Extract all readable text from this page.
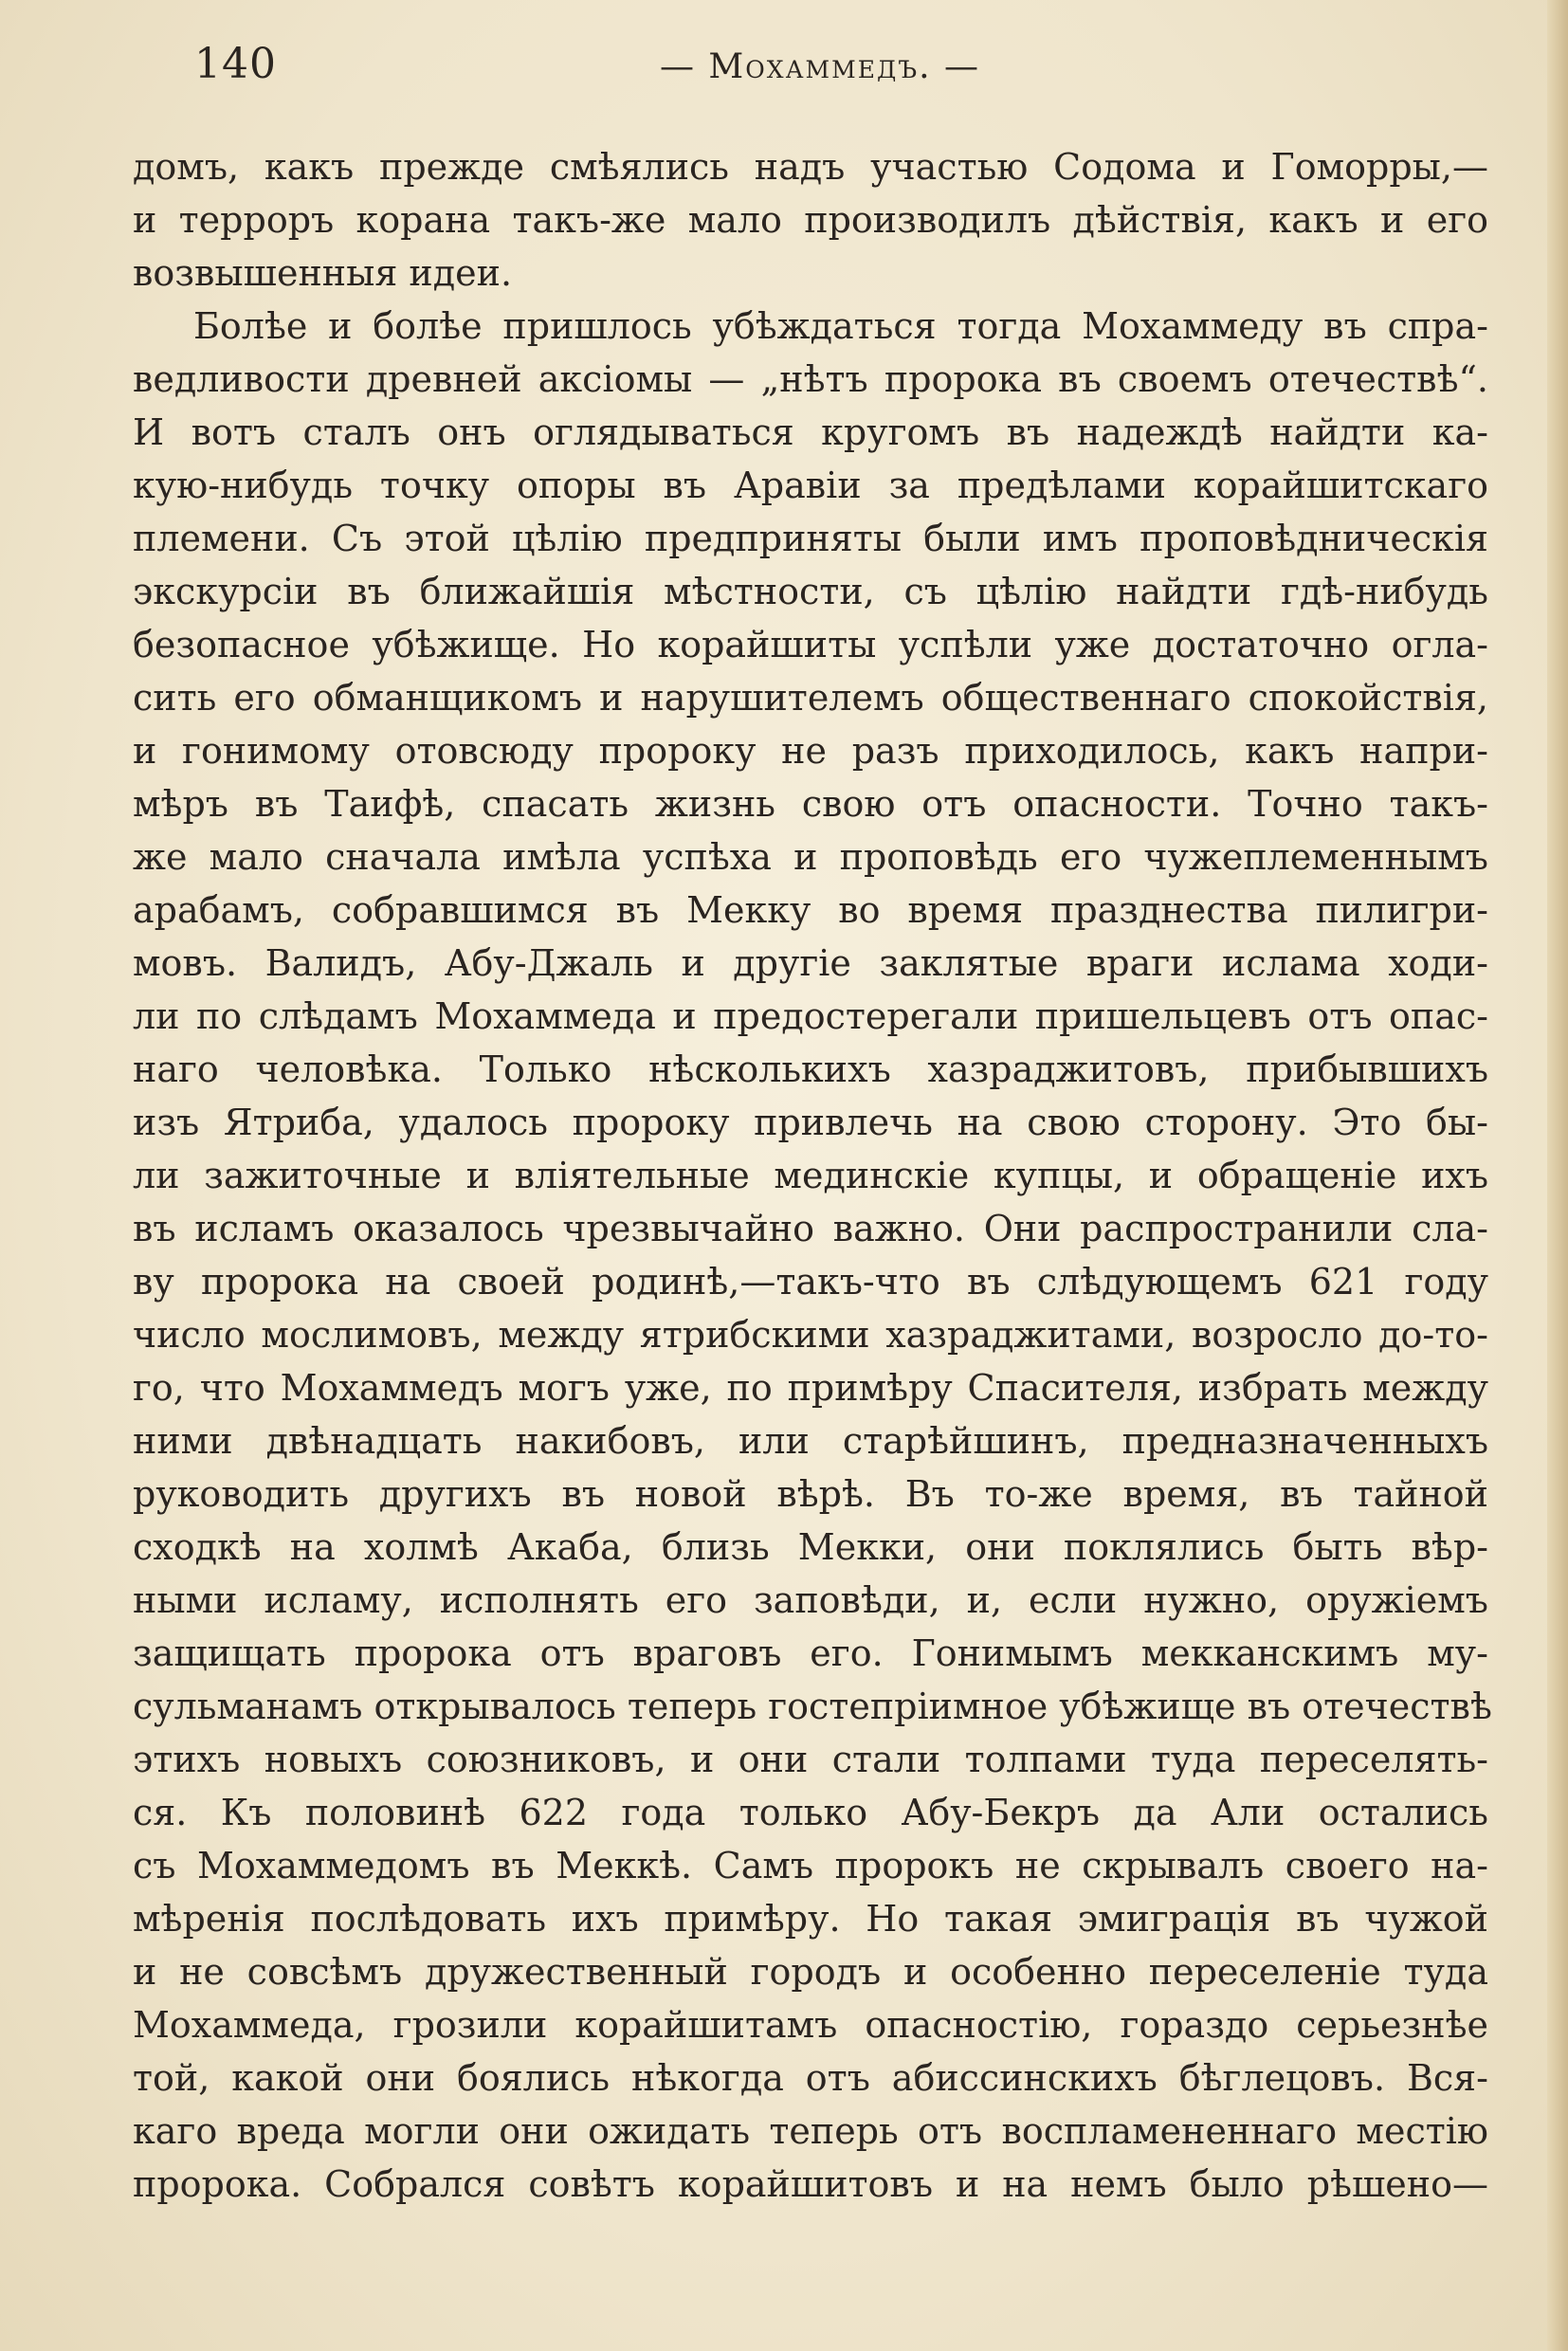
140	— Мохаммедъ. —
домъ, какъ прежде смѣялись надъ участью Содома и Гоморры,—
и терроръ корана такъ-же мало производилъ дѣйствія, какъ и его
возвышенныя идеи.
Болѣе и болѣе пришлось убѣждаться тогда Мохаммеду въ спра-
ведливости древней аксіомы — „нѣтъ пророка въ своемъ отечествѣ“.
И вотъ сталъ онъ оглядываться кругомъ въ надеждѣ найдти ка-
кую-нибудь точку опоры въ Аравіи за предѣлами корайшитскаго
племени. Съ этой цѣлію предприняты были имъ проповѣдническія
экскурсіи въ ближайшія мѣстности, съ цѣлію найдти гдѣ-нибудь
безопасное убѣжище. Но корайшиты успѣли уже достаточно огла-
сить его обманщикомъ и нарушителемъ общественнаго спокойствія,
и гонимому отовсюду пророку не разъ приходилось, какъ напри-
мѣръ въ Таифѣ, спасать жизнь свою отъ опасности. Точно такъ-
же мало сначала имѣла успѣха и проповѣдь его чужеплеменнымъ
арабамъ, собравшимся въ Мекку во время празднества пилигри-
мовъ. Валидъ, Абу-Джаль и другіе заклятые враги ислама ходи-
ли по слѣдамъ Мохаммеда и предостерегали пришельцевъ отъ опас-
наго человѣка. Только нѣсколькихъ хазраджитовъ, прибывшихъ
изъ Ятриба, удалось пророку привлечь на свою сторону. Это бы-
ли зажиточные и вліятельные мединскіе купцы, и обращеніе ихъ
въ исламъ оказалось чрезвычайно важно. Они распространили сла-
ву пророка на своей родинѣ,—такъ-что въ слѣдующемъ 621 году
число мослимовъ, между ятрибскими хазраджитами, возросло до-то-
го, что Мохаммедъ могъ уже, по примѣру Спасителя, избрать между
ними двѣнадцать накибовъ, или старѣйшинъ, предназначенныхъ
руководить другихъ въ новой вѣрѣ. Въ то-же время, въ тайной
сходкѣ на холмѣ Акаба, близь Мекки, они поклялись быть вѣр-
ными исламу, исполнять его заповѣди, и, если нужно, оружіемъ
защищать пророка отъ враговъ его. Гонимымъ мекканскимъ му-
сульманамъ открывалось теперь гостепріимное убѣжище въ отечествѣ
этихъ новыхъ союзниковъ, и они стали толпами туда переселять-
ся. Къ половинѣ 622 года только Абу-Бекръ да Али остались
съ Мохаммедомъ въ Меккѣ. Самъ пророкъ не скрывалъ своего на-
мѣренія послѣдовать ихъ примѣру. Но такая эмиграція въ чужой
и не совсѣмъ дружественный городъ и особенно переселеніе туда
Мохаммеда, грозили корайшитамъ опасностію, гораздо серьезнѣе
той, какой они боялись нѣкогда отъ абиссинскихъ бѣглецовъ. Вся-
каго вреда могли они ожидать теперь отъ воспламененнаго местію
пророка. Собрался совѣтъ корайшитовъ и на немъ было рѣшено—
